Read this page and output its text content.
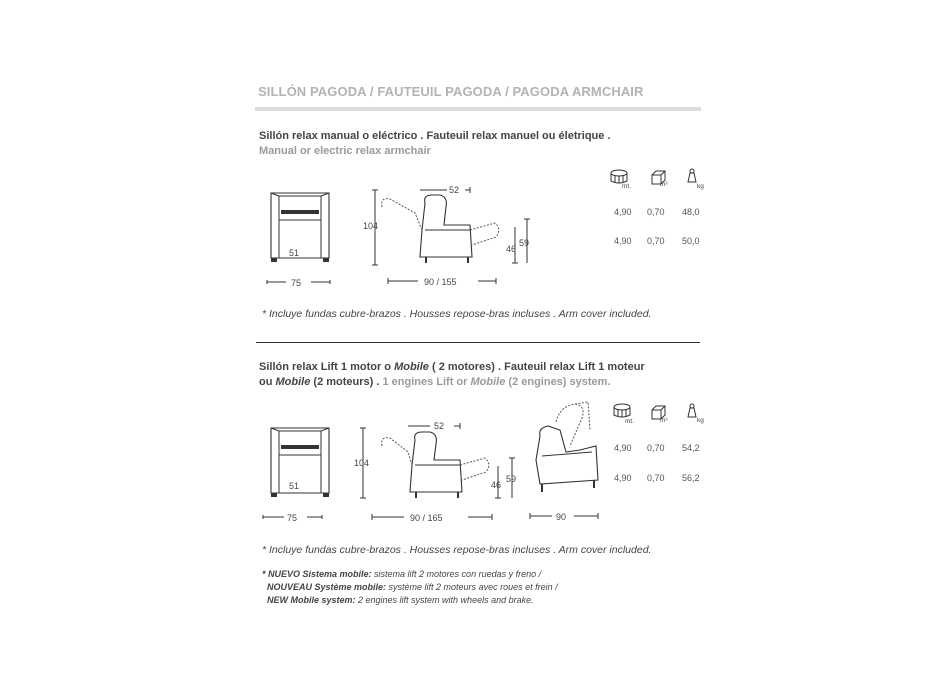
SILLÓN PAGODA / FAUTEUIL PAGODA / PAGODA ARMCHAIR
Sillón relax manual o eléctrico . Fauteuil relax manuel ou életrique .
Manual or electric relax armchair
51
75
52
104
46
59
90 / 155
mt.	m³	kg
4,90 0,70 48,0
4,90 0,70 50,0
* Incluye fundas cubre-brazos . Housses repose-bras incluses . Arm cover included.
Sillón relax Lift 1 motor o Mobile ( 2 motores) . Fauteuil relax Lift 1 moteur
ou Mobile (2 moteurs) . 1 engines Lift or Mobile (2 engines) system.
51
75
52
104
46
59
90 / 165	90
mt.	m³	kg
4,90 0,70 54,2
4,90 0,70 56,2
* Incluye fundas cubre-brazos . Housses repose-bras incluses . Arm cover included.
* NUEVO Sistema mobile: sistema lift 2 motores con ruedas y freno /
NOUVEAU Système mobile: système lift 2 moteurs avec roues et frein /
NEW Mobile system: 2 engines lift system with wheels and brake.
